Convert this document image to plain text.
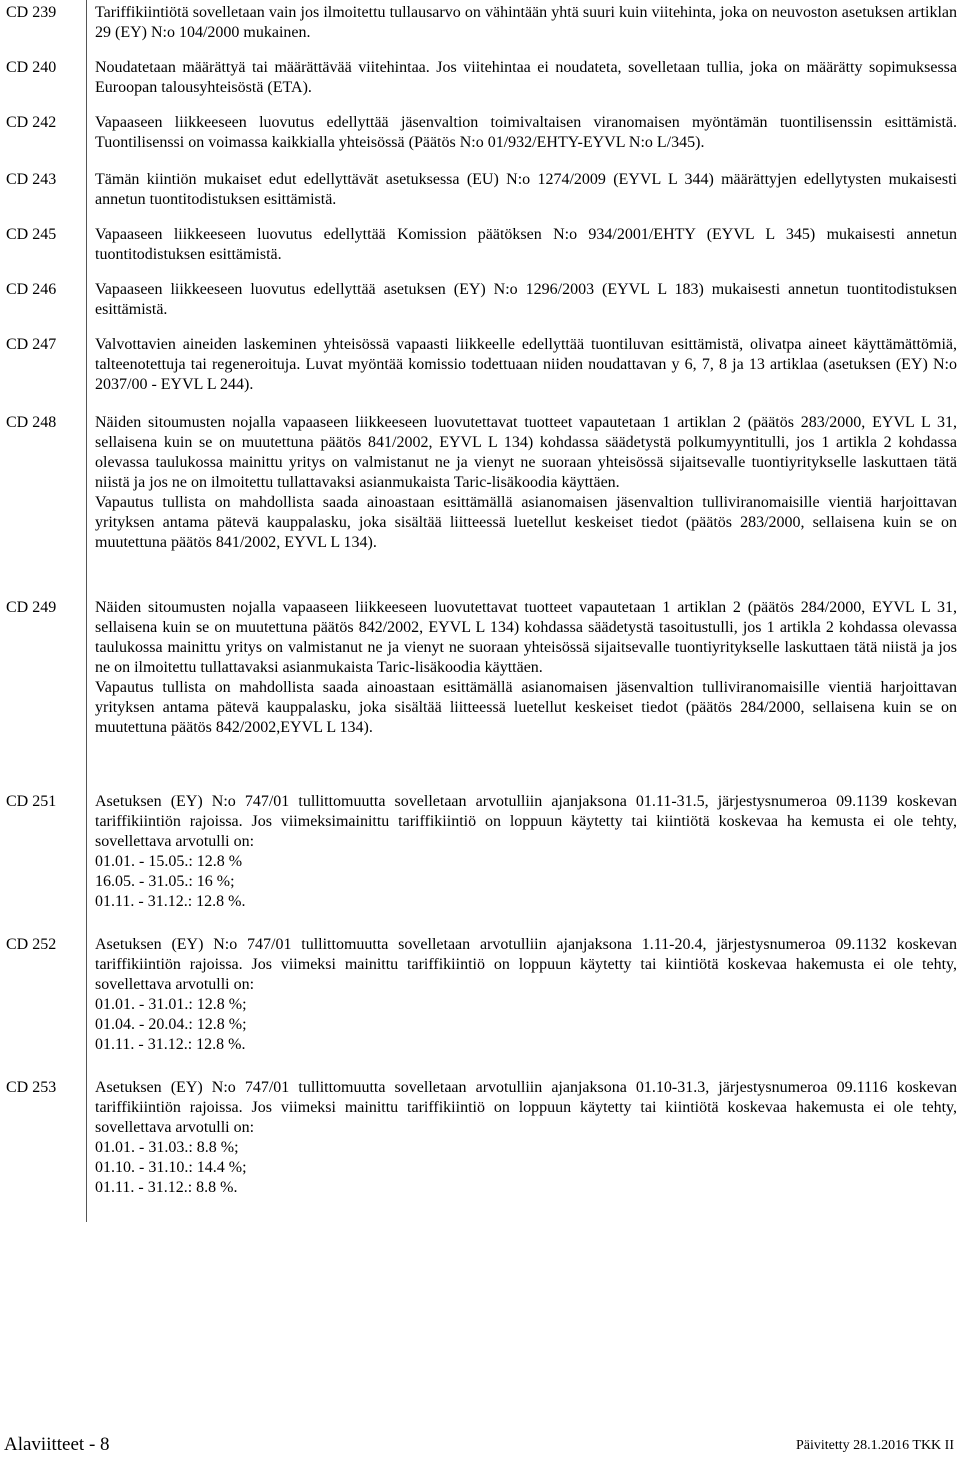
CD 239	Tariffikiintiötä sovelletaan vain jos ilmoitettu tullausarvo on vähintään yhtä suuri kuin viitehinta, joka on neuvoston asetuksen artiklan 29 (EY) N:o 104/2000 mukainen.

CD 240	Noudatetaan määrättyä tai määrättävää viitehintaa. Jos viitehintaa ei noudateta, sovelletaan tullia, joka on määrätty sopimuksessa Euroopan talousyhteisöstä (ETA).

CD 242	Vapaaseen liikkeeseen luovutus edellyttää jäsenvaltion toimivaltaisen viranomaisen myöntämän tuontilisenssin esittämistä. Tuontilisenssi on voimassa kaikkialla yhteisössä (Päätös N:o 01/932/EHTY-EYVL N:o L/345).

CD 243	Tämän kiintiön mukaiset edut edellyttävät asetuksessa (EU) N:o 1274/2009 (EYVL L 344) määrättyjen edellytysten mukaisesti annetun tuontitodistuksen esittämistä.

CD 245	Vapaaseen liikkeeseen luovutus edellyttää Komission päätöksen N:o 934/2001/EHTY (EYVL L 345) mukaisesti annetun tuontitodistuksen esittämistä.

CD 246	Vapaaseen liikkeeseen luovutus edellyttää asetuksen (EY) N:o 1296/2003 (EYVL L 183) mukaisesti annetun tuontitodistuksen esittämistä.

CD 247	Valvottavien aineiden laskeminen yhteisössä vapaasti liikkeelle edellyttää tuontiluvan esittämistä, olivatpa aineet käyttämättömiä, talteenotettuja tai regeneroituja. Luvat myöntää komissio todettuaan niiden noudattavan y 6, 7, 8 ja 13 artiklaa (asetuksen (EY) N:o 2037/00 - EYVL L 244).

CD 248	Näiden sitoumusten nojalla vapaaseen liikkeeseen luovutettavat tuotteet vapautetaan 1 artiklan 2 (päätös 283/2000, EYVL L 31, sellaisena kuin se on muutettuna päätös 841/2002, EYVL L 134) kohdassa säädetystä polkumyyntitulli, jos 1 artikla 2 kohdassa olevassa taulukossa mainittu yritys on valmistanut ne ja vienyt ne suoraan yhteisössä sijaitsevalle tuontiyritykselle laskuttaen tätä niistä ja jos ne on ilmoitettu tullattavaksi asianmukaista Taric-lisäkoodia käyttäen.

Vapautus tullista on mahdollista saada ainoastaan esittämällä asianomaisen jäsenvaltion tulliviranomaisille vientiä harjoittavan yrityksen antama pätevä kauppalasku, joka sisältää liitteessä luetellut keskeiset tiedot (päätös 283/2000, sellaisena kuin se on muutettuna päätös 841/2002, EYVL L 134).

CD 249	Näiden sitoumusten nojalla vapaaseen liikkeeseen luovutettavat tuotteet vapautetaan 1 artiklan 2 (päätös 284/2000, EYVL L 31, sellaisena kuin se on muutettuna päätös 842/2002, EYVL L 134) kohdassa säädetystä tasoitustulli, jos 1 artikla 2 kohdassa olevassa taulukossa mainittu yritys on valmistanut ne ja vienyt ne suoraan yhteisössä sijaitsevalle tuontiyritykselle laskuttaen tätä niistä ja jos ne on ilmoitettu tullattavaksi asianmukaista Taric-lisäkoodia käyttäen.

Vapautus tullista on mahdollista saada ainoastaan esittämällä asianomaisen jäsenvaltion tulliviranomaisille vientiä harjoittavan yrityksen antama pätevä kauppalasku, joka sisältää liitteessä luetellut keskeiset tiedot (päätös 284/2000, sellaisena kuin se on muutettuna päätös 842/2002,EYVL L 134).

CD 251	Asetuksen (EY) N:o 747/01 tullittomuutta sovelletaan arvotulliin ajanjaksona 01.11-31.5, järjestysnumeroa 09.1139 koskevan tariffikiintiön rajoissa. Jos viimeksimainittu tariffikiintiö on loppuun käytetty tai kiintiötä koskevaa ha kemusta ei ole tehty, sovellettava arvotulli on:

01.01. - 15.05.: 12.8 %

16.05. - 31.05.: 16 %;

01.11. - 31.12.: 12.8 %.

CD 252	Asetuksen (EY) N:o 747/01 tullittomuutta sovelletaan arvotulliin ajanjaksona 1.11-20.4, järjestysnumeroa 09.1132 koskevan tariffikiintiön rajoissa. Jos viimeksi mainittu tariffikiintiö on loppuun käytetty tai kiintiötä koskevaa hakemusta ei ole tehty, sovellettava arvotulli on:

01.01. - 31.01.: 12.8 %;

01.04. - 20.04.: 12.8 %;

01.11. - 31.12.: 12.8 %.

CD 253	Asetuksen (EY) N:o 747/01 tullittomuutta sovelletaan arvotulliin ajanjaksona 01.10-31.3, järjestysnumeroa 09.1116 koskevan tariffikiintiön rajoissa. Jos viimeksi mainittu tariffikiintiö on loppuun käytetty tai kiintiötä koskevaa hakemusta ei ole tehty, sovellettava arvotulli on:

01.01. - 31.03.: 8.8 %;

01.10. - 31.10.: 14.4 %;

01.11. - 31.12.: 8.8 %.

Alaviitteet - 8	Päivitetty 28.1.2016 TKK II
